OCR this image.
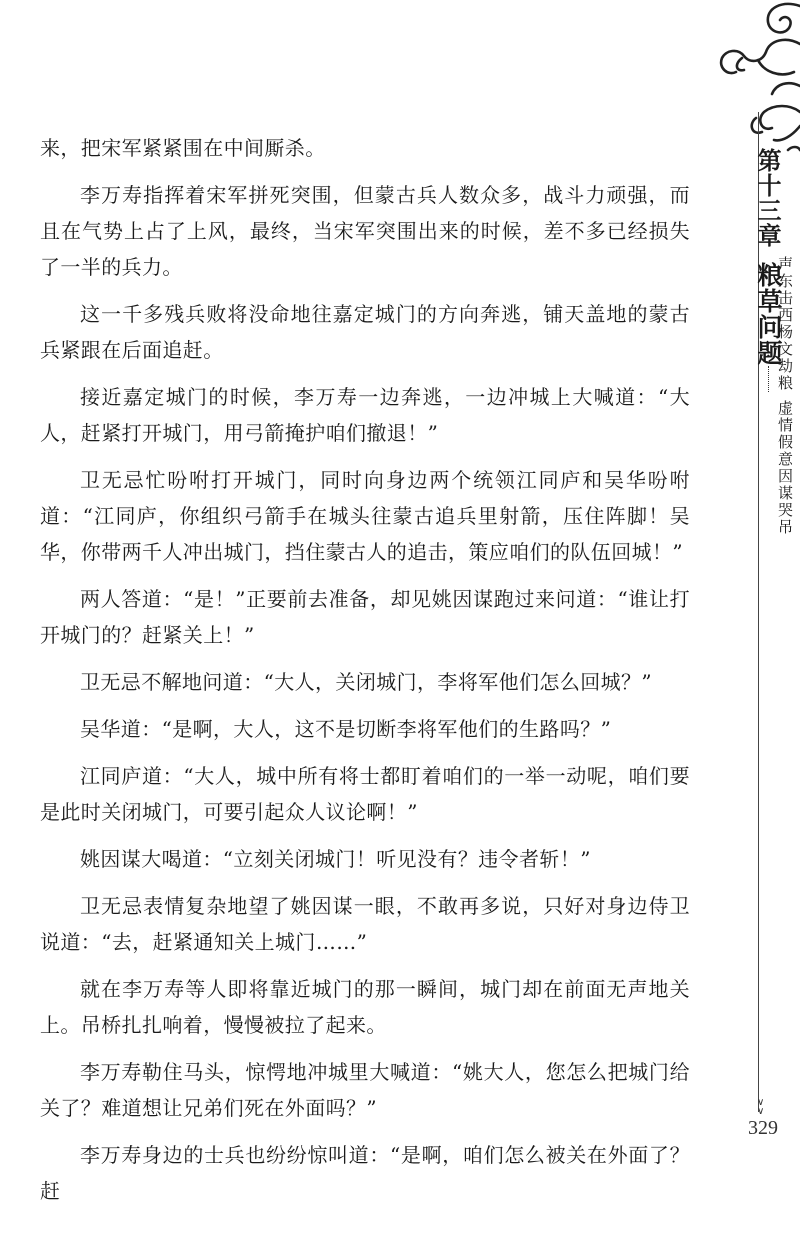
第十三章
粮草问题
声东击西杨文劫粮
虚情假意因谋哭吊

来，把宋军紧紧围在中间厮杀。

李万寿指挥着宋军拼死突围，但蒙古兵人数众多，战斗力顽强，而且在气势上占了上风，最终，当宋军突围出来的时候，差不多已经损失了一半的兵力。

这一千多残兵败将没命地往嘉定城门的方向奔逃，铺天盖地的蒙古兵紧跟在后面追赶。

接近嘉定城门的时候，李万寿一边奔逃，一边冲城上大喊道：“大人，赶紧打开城门，用弓箭掩护咱们撤退！”

卫无忌忙吩咐打开城门，同时向身边两个统领江同庐和吴华吩咐道：“江同庐，你组织弓箭手在城头往蒙古追兵里射箭，压住阵脚！吴华，你带两千人冲出城门，挡住蒙古人的追击，策应咱们的队伍回城！”

两人答道：“是！”正要前去准备，却见姚因谋跑过来问道：“谁让打开城门的？赶紧关上！”

卫无忌不解地问道：“大人，关闭城门，李将军他们怎么回城？”

吴华道：“是啊，大人，这不是切断李将军他们的生路吗？”

江同庐道：“大人，城中所有将士都盯着咱们的一举一动呢，咱们要是此时关闭城门，可要引起众人议论啊！”

姚因谋大喝道：“立刻关闭城门！听见没有？违令者斩！”

卫无忌表情复杂地望了姚因谋一眼，不敢再多说，只好对身边侍卫说道：“去，赶紧通知关上城门……”

就在李万寿等人即将靠近城门的那一瞬间，城门却在前面无声地关上。吊桥扎扎响着，慢慢被拉了起来。

李万寿勒住马头，惊愕地冲城里大喊道：“姚大人，您怎么把城门给关了？难道想让兄弟们死在外面吗？”

李万寿身边的士兵也纷纷惊叫道：“是啊，咱们怎么被关在外面了？赶

∨
∨
329
